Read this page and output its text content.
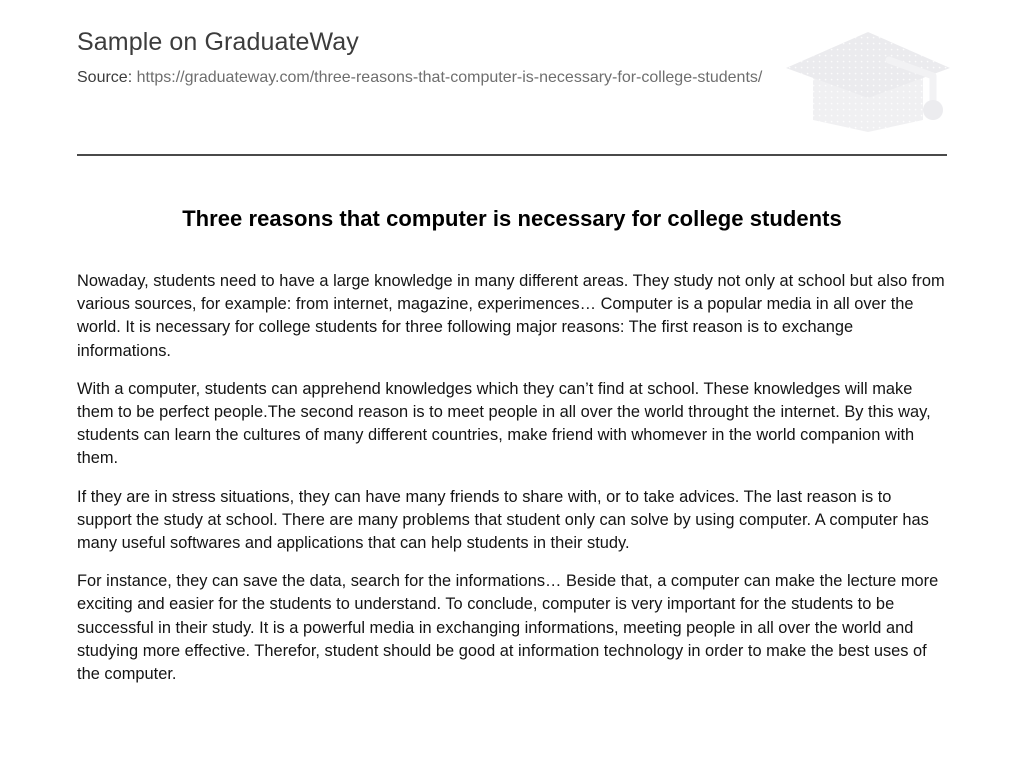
Sample on GraduateWay
Source: https://graduateway.com/three-reasons-that-computer-is-necessary-for-college-students/
Three reasons that computer is necessary for college students

Nowaday, students need to have a large knowledge in many different areas. They study not only at school but also from various sources, for example: from internet, magazine, experimences… Computer is a popular media in all over the world. It is necessary for college students for three following major reasons: The first reason is to exchange informations.

With a computer, students can apprehend knowledges which they can’t find at school. These knowledges will make them to be perfect people.The second reason is to meet people in all over the world throught the internet. By this way, students can learn the cultures of many different countries, make friend with whomever in the world companion with them.

If they are in stress situations, they can have many friends to share with, or to take advices. The last reason is to support the study at school. There are many problems that student only can solve by using computer. A computer has many useful softwares and applications that can help students in their study.

For instance, they can save the data, search for the informations… Beside that, a computer can make the lecture more exciting and easier for the students to understand. To conclude, computer is very important for the students to be successful in their study. It is a powerful media in exchanging informations, meeting people in all over the world and studying more effective. Therefor, student should be good at information technology in order to make the best uses of the computer.
